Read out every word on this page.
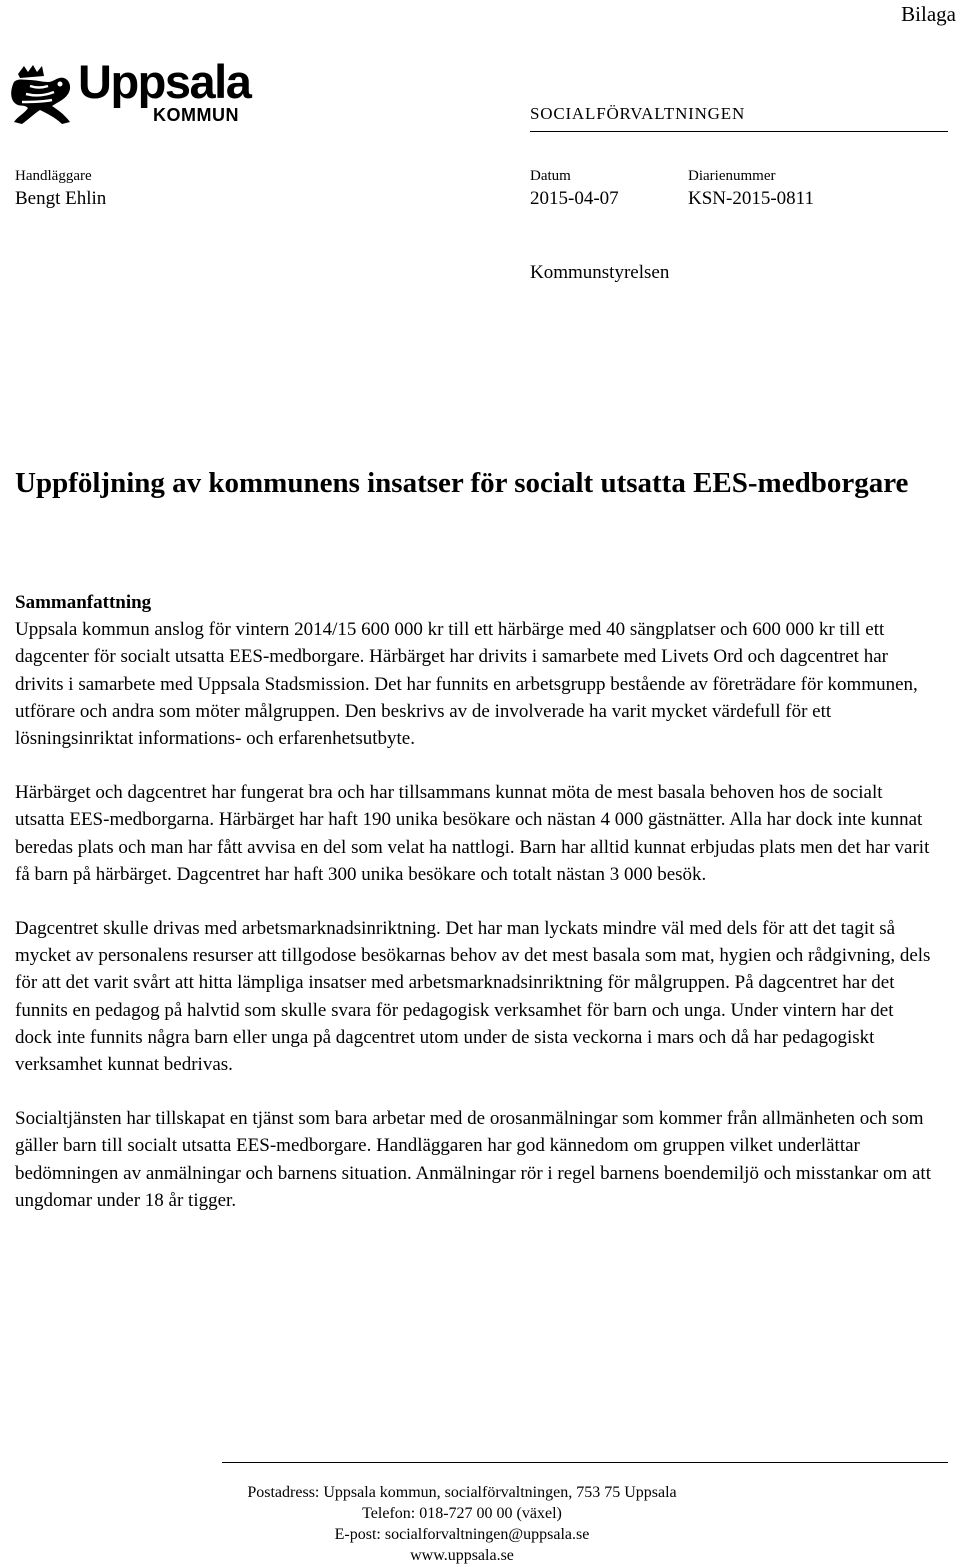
Bilaga
Uppsala
KOMMUN	SOCIALFÖRVALTNINGEN
Handläggare
Bengt Ehlin
Datum
2015-04-07
Diarienummer
KSN-2015-0811
Kommunstyrelsen
Uppföljning av kommunens insatser för socialt utsatta EES-medborgare
Sammanfattning

Uppsala kommun anslog för vintern 2014/15 600 000 kr till ett härbärge med 40 sängplatser och 600 000 kr till ett dagcenter för socialt utsatta EES-medborgare. Härbärget har drivits i samarbete med Livets Ord och dagcentret har drivits i samarbete med Uppsala Stadsmission. Det har funnits en arbetsgrupp bestående av företrädare för kommunen, utförare och andra som möter målgruppen. Den beskrivs av de involverade ha varit mycket värdefull för ett lösningsinriktat informations- och erfarenhetsutbyte.

Härbärget och dagcentret har fungerat bra och har tillsammans kunnat möta de mest basala behoven hos de socialt utsatta EES-medborgarna. Härbärget har haft 190 unika besökare och nästan 4 000 gästnätter. Alla har dock inte kunnat beredas plats och man har fått avvisa en del som velat ha nattlogi. Barn har alltid kunnat erbjudas plats men det har varit få barn på härbärget. Dagcentret har haft 300 unika besökare och totalt nästan 3 000 besök.

Dagcentret skulle drivas med arbetsmarknadsinriktning. Det har man lyckats mindre väl med dels för att det tagit så mycket av personalens resurser att tillgodose besökarnas behov av det mest basala som mat, hygien och rådgivning, dels för att det varit svårt att hitta lämpliga insatser med arbetsmarknadsinriktning för målgruppen. På dagcentret har det funnits en pedagog på halvtid som skulle svara för pedagogisk verksamhet för barn och unga. Under vintern har det dock inte funnits några barn eller unga på dagcentret utom under de sista veckorna i mars och då har pedagogiskt verksamhet kunnat bedrivas.

Socialtjänsten har tillskapat en tjänst som bara arbetar med de orosanmälningar som kommer från allmänheten och som gäller barn till socialt utsatta EES-medborgare. Handläggaren har god kännedom om gruppen vilket underlättar bedömningen av anmälningar och barnens situation. Anmälningar rör i regel barnens boendemiljö och misstankar om att ungdomar under 18 år tigger.

Postadress: Uppsala kommun, socialförvaltningen, 753 75 Uppsala
Telefon: 018-727 00 00 (växel)
E-post: socialforvaltningen@uppsala.se
www.uppsala.se
